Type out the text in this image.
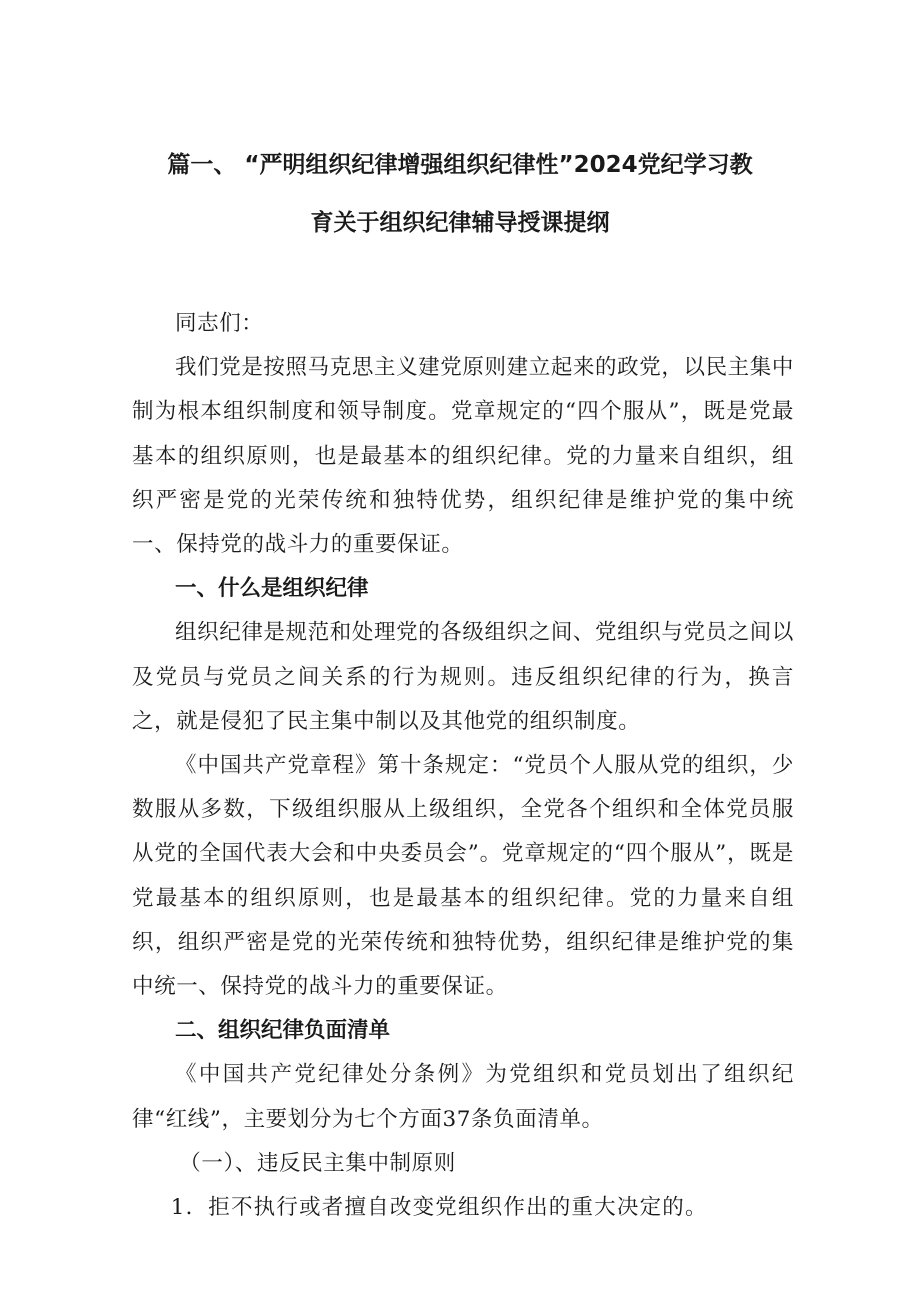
篇一、 “严明组织纪律增强组织纪律性”2024党纪学习教
育关于组织纪律辅导授课提纲

同志们：

我们党是按照马克思主义建党原则建立起来的政党，以民主集中制为根本组织制度和领导制度。党章规定的“四个服从”，既是党最基本的组织原则，也是最基本的组织纪律。党的力量来自组织，组织严密是党的光荣传统和独特优势，组织纪律是维护党的集中统一、保持党的战斗力的重要保证。

一、什么是组织纪律

组织纪律是规范和处理党的各级组织之间、党组织与党员之间以及党员与党员之间关系的行为规则。违反组织纪律的行为，换言之，就是侵犯了民主集中制以及其他党的组织制度。

《中国共产党章程》第十条规定：“党员个人服从党的组织，少数服从多数，下级组织服从上级组织，全党各个组织和全体党员服从党的全国代表大会和中央委员会”。党章规定的“四个服从”，既是党最基本的组织原则，也是最基本的组织纪律。党的力量来自组织，组织严密是党的光荣传统和独特优势，组织纪律是维护党的集中统一、保持党的战斗力的重要保证。

二、组织纪律负面清单

《中国共产党纪律处分条例》为党组织和党员划出了组织纪律“红线”，主要划分为七个方面37条负面清单。

（一）、违反民主集中制原则

1．拒不执行或者擅自改变党组织作出的重大决定的。
